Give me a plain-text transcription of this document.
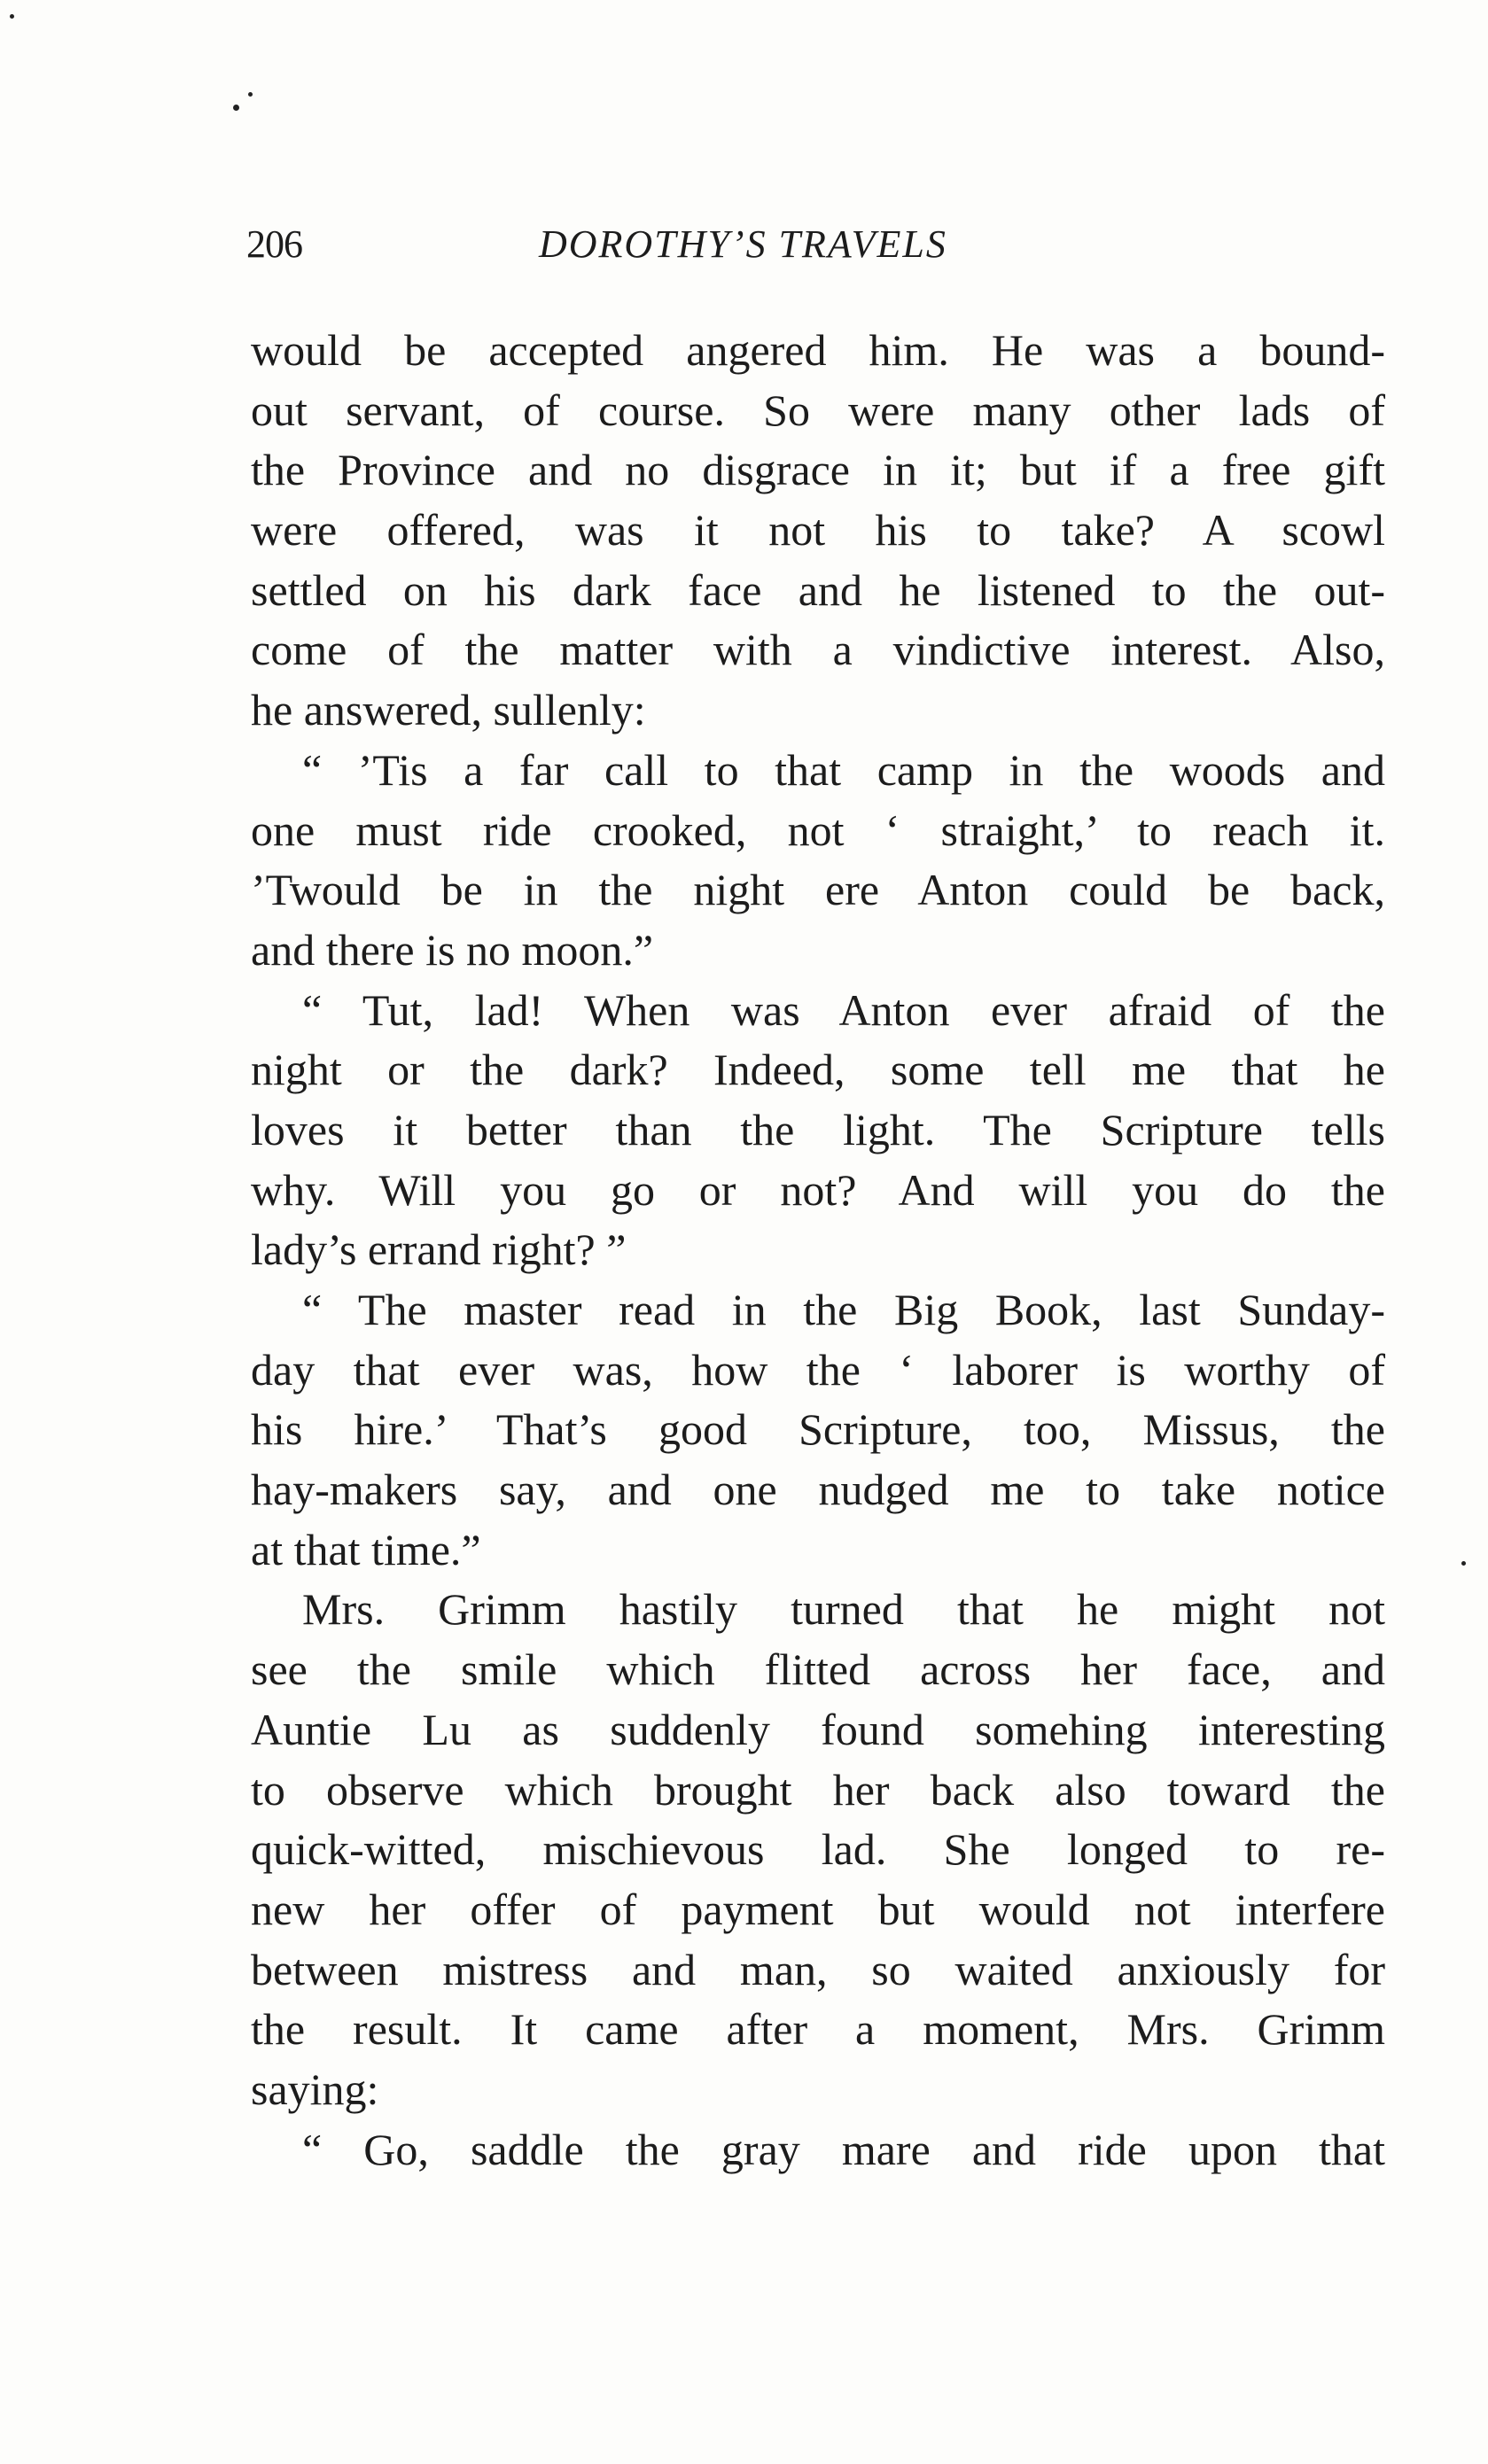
206	DOROTHY’S TRAVELS
would be accepted angered him. He was a bound-
out servant, of course. So were many other lads of
the Province and no disgrace in it; but if a free gift
were offered, was it not his to take? A scowl
settled on his dark face and he listened to the out-
come of the matter with a vindictive interest. Also,
he answered, sullenly:
“ ’Tis a far call to that camp in the woods and
one must ride crooked, not ‘ straight,’ to reach it.
’Twould be in the night ere Anton could be back,
and there is no moon.”
“ Tut, lad! When was Anton ever afraid of the
night or the dark? Indeed, some tell me that he
loves it better than the light. The Scripture tells
why. Will you go or not? And will you do the
lady’s errand right? ”
“ The master read in the Big Book, last Sunday-
day that ever was, how the ‘ laborer is worthy of
his hire.’ That’s good Scripture, too, Missus, the
hay-makers say, and one nudged me to take notice
at that time.”
Mrs. Grimm hastily turned that he might not
see the smile which flitted across her face, and
Auntie Lu as suddenly found somehing interesting
to observe which brought her back also toward the
quick-witted, mischievous lad. She longed to re-
new her offer of payment but would not interfere
between mistress and man, so waited anxiously for
the result. It came after a moment, Mrs. Grimm
saying:
“ Go, saddle the gray mare and ride upon that
